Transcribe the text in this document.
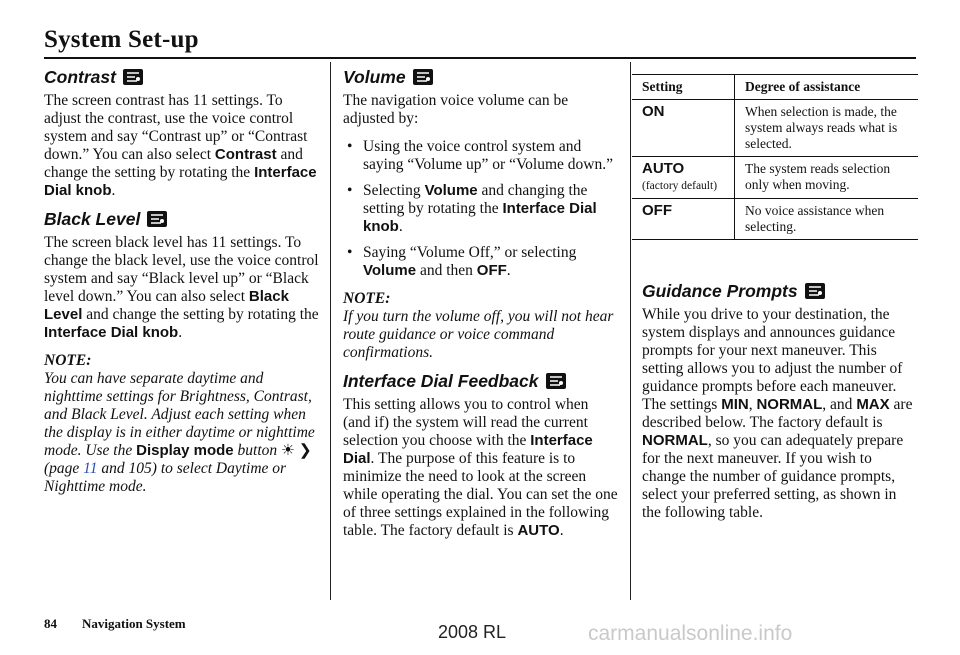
System Set-up
Contrast

The screen contrast has 11 settings. To adjust the contrast, use the voice control system and say “Contrast up” or “Contrast down.” You can also select Contrast and change the setting by rotating the Interface Dial knob.

Black Level

The screen black level has 11 settings. To change the black level, use the voice control system and say “Black level up” or “Black level down.” You can also select Black Level and change the setting by rotating the Interface Dial knob.

NOTE:

You can have separate daytime and nighttime settings for Brightness, Contrast, and Black Level. Adjust each setting when the display is in either daytime or nighttime mode. Use the Display mode button ☀ ❯ (page 11 and 105) to select Daytime or Nighttime mode.

Volume

The navigation voice volume can be adjusted by:

• Using the voice control system and saying “Volume up” or “Volume down.”
• Selecting Volume and changing the setting by rotating the Interface Dial knob.
• Saying “Volume Off,” or selecting Volume and then OFF.

NOTE:

If you turn the volume off, you will not hear route guidance or voice command confirmations.

Interface Dial Feedback

This setting allows you to control when (and if) the system will read the current selection you choose with the Interface Dial. The purpose of this feature is to minimize the need to look at the screen while operating the dial. You can set the one of three settings explained in the following table. The factory default is AUTO.

Setting	Degree of assistance
ON	When selection is made, the system always reads what is selected.
AUTO
(factory default)	The system reads selection only when moving.
OFF	No voice assistance when selecting.
Guidance Prompts

While you drive to your destination, the system displays and announces guidance prompts for your next maneuver. This setting allows you to adjust the number of guidance prompts before each maneuver. The settings MIN, NORMAL, and MAX are described below. The factory default is NORMAL, so you can adequately prepare for the next maneuver. If you wish to change the number of guidance prompts, select your preferred setting, as shown in the following table.

84 Navigation System	2008 RL	carmanualsonline.info
